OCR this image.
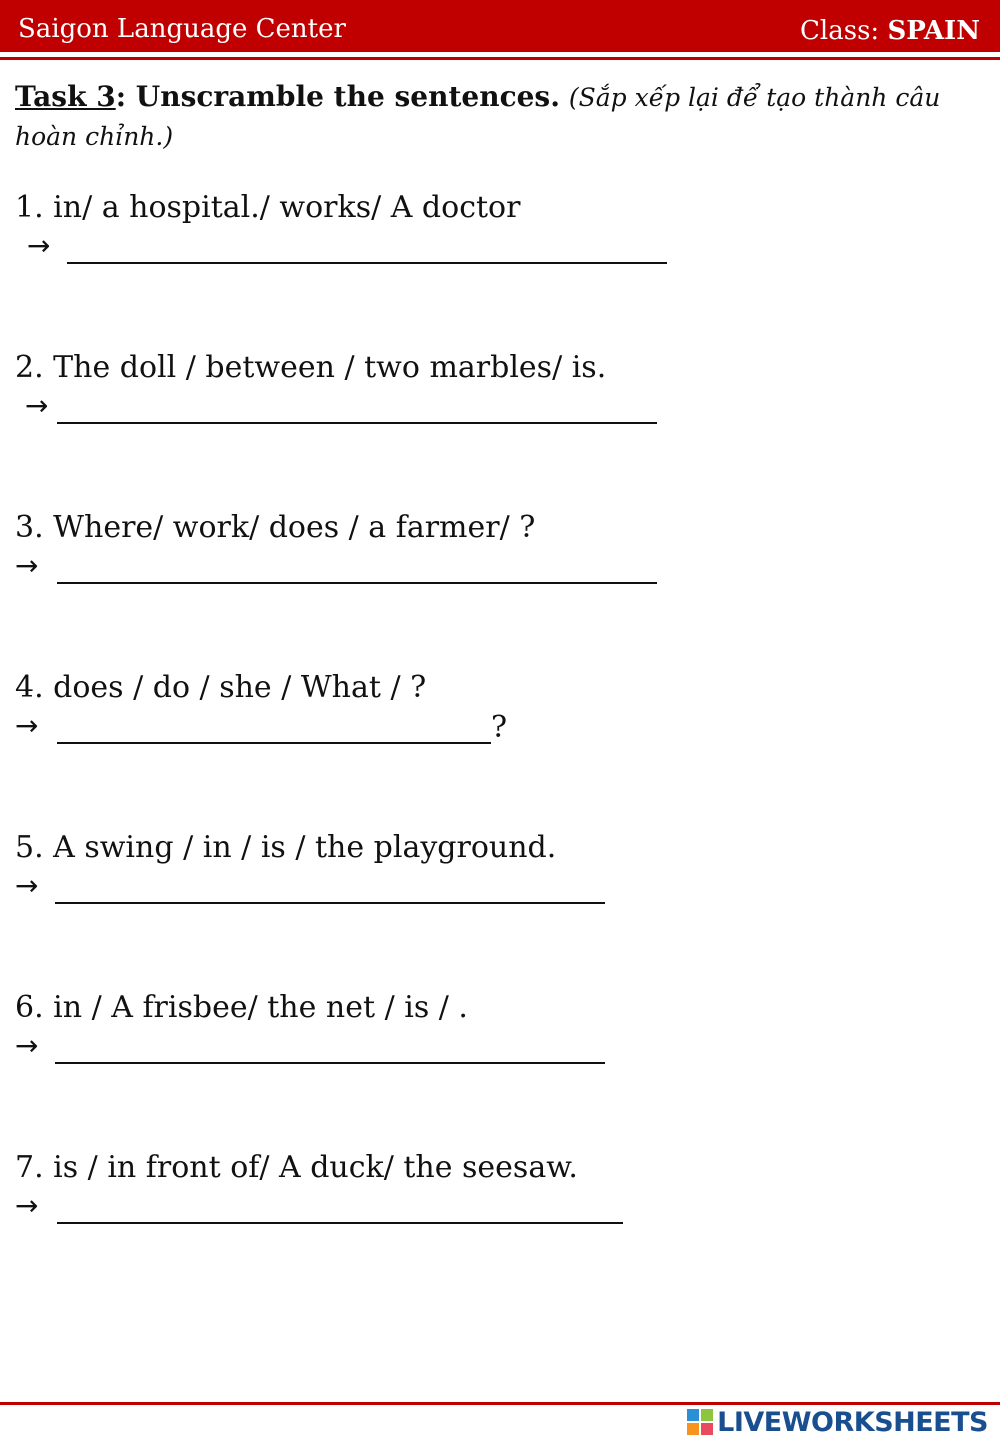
Saigon Language Center	Class: SPAIN
Task 3: Unscramble the sentences. (Sắp xếp lại để tạo thành câu hoàn chỉnh.)
1. in/ a hospital./ works/ A doctor
→
2. The doll / between / two marbles/ is.
→
3. Where/ work/ does / a farmer/ ?
→
4. does / do / she / What / ?
→	?
5. A swing / in / is / the playground.
→
6. in / A frisbee/ the net / is / .
→
7. is / in front of/ A duck/ the seesaw.
→
LIVEWORKSHEETS
